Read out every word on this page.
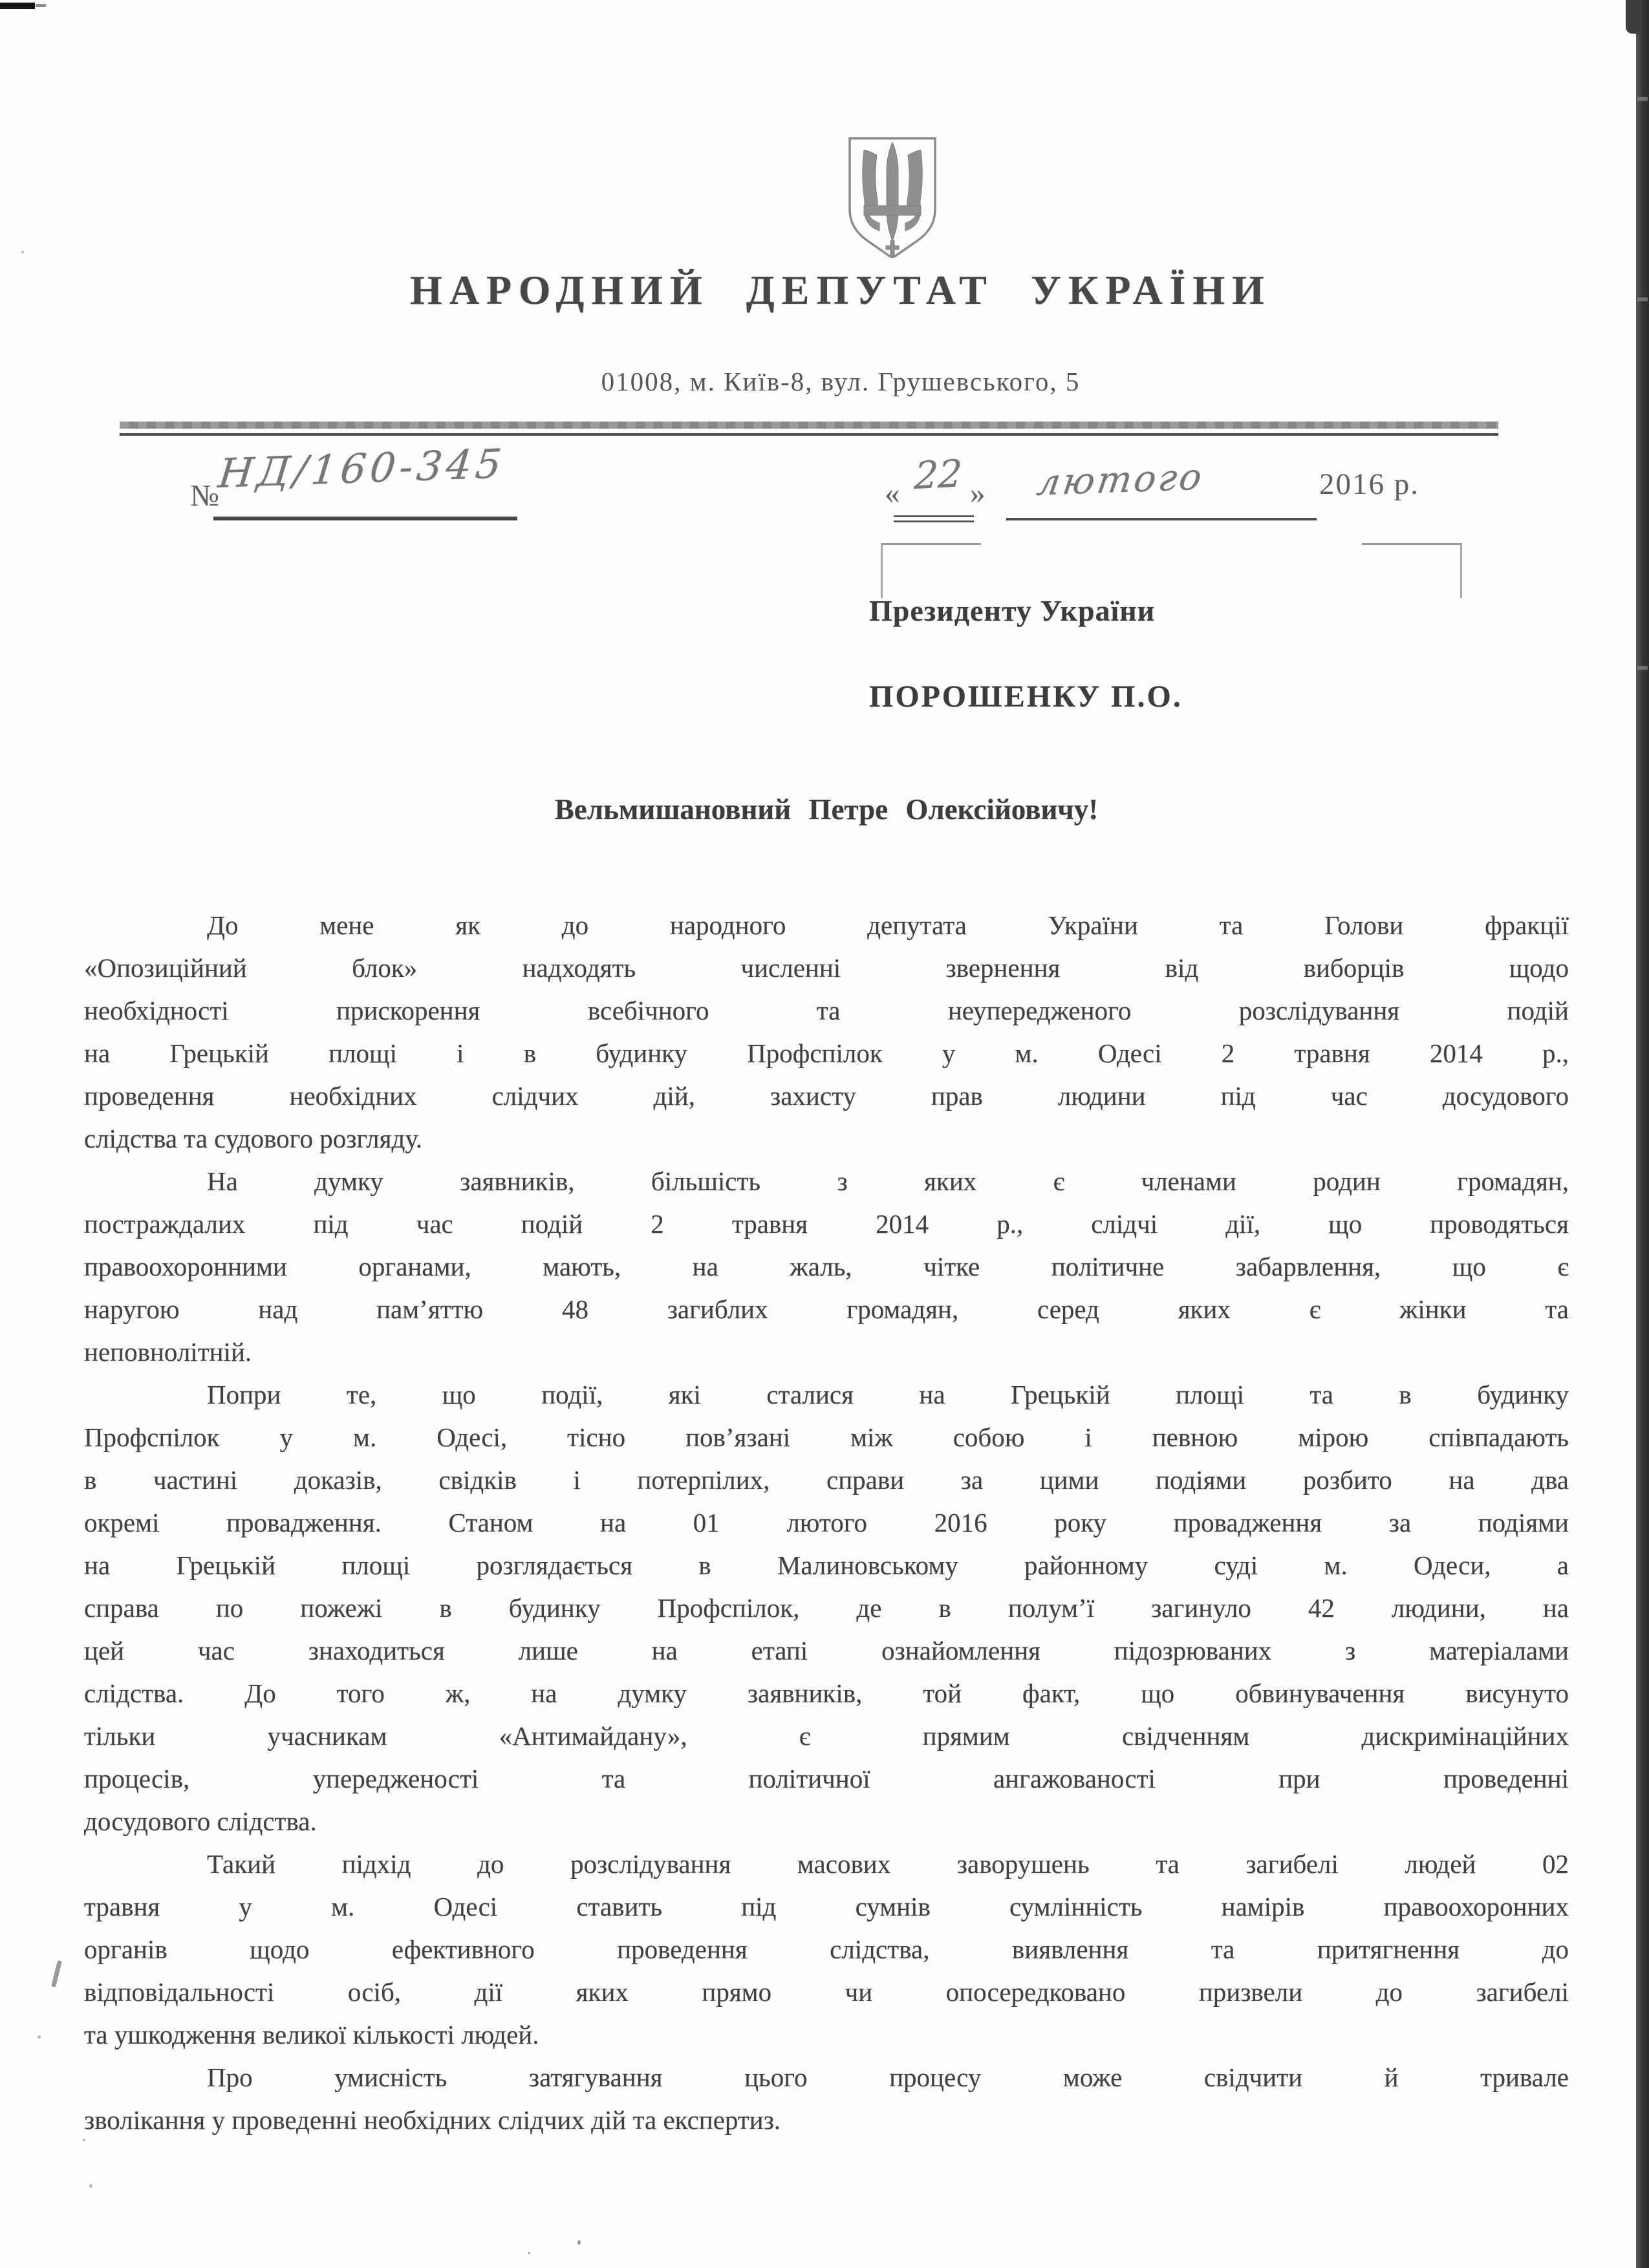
НАРОДНИЙ ДЕПУТАТ УКРАЇНИ
01008, м. Київ-8, вул. Грушевського, 5
№
НД/160-345	« 22 » лютого	2016 р.
Президенту України
ПОРОШЕНКУ П.О.
Вельмишановний Петре Олексійовичу!
До мене як до народного депутата України та Голови фракції
«Опозиційний блок» надходять численні звернення від виборців щодо
необхідності прискорення всебічного та неупередженого розслідування подій
на Грецькій площі і в будинку Профспілок у м. Одесі 2 травня 2014 р.,
проведення необхідних слідчих дій, захисту прав людини під час досудового
слідства та судового розгляду.
На думку заявників, більшість з яких є членами родин громадян,
постраждалих під час подій 2 травня 2014 р., слідчі дії, що проводяться
правоохоронними органами, мають, на жаль, чітке політичне забарвлення, що є
наругою над пам’яттю 48 загиблих громадян, серед яких є жінки та
неповнолітній.
Попри те, що події, які сталися на Грецькій площі та в будинку
Профспілок у м. Одесі, тісно пов’язані між собою і певною мірою співпадають
в частині доказів, свідків і потерпілих, справи за цими подіями розбито на два
окремі провадження. Станом на 01 лютого 2016 року провадження за подіями
на Грецькій площі розглядається в Малиновському районному суді м. Одеси, а
справа по пожежі в будинку Профспілок, де в полум’ї загинуло 42 людини, на
цей час знаходиться лише на етапі ознайомлення підозрюваних з матеріалами
слідства. До того ж, на думку заявників, той факт, що обвинувачення висунуто
тільки учасникам «Антимайдану», є прямим свідченням дискримінаційних
процесів, упередженості та політичної ангажованості при проведенні
досудового слідства.
Такий підхід до розслідування масових заворушень та загибелі людей 02
травня у м. Одесі ставить під сумнів сумлінність намірів правоохоронних
органів щодо ефективного проведення слідства, виявлення та притягнення до
відповідальності осіб, дії яких прямо чи опосередковано призвели до загибелі
та ушкодження великої кількості людей.
Про умисність затягування цього процесу може свідчити й тривале
зволікання у проведенні необхідних слідчих дій та експертиз.
